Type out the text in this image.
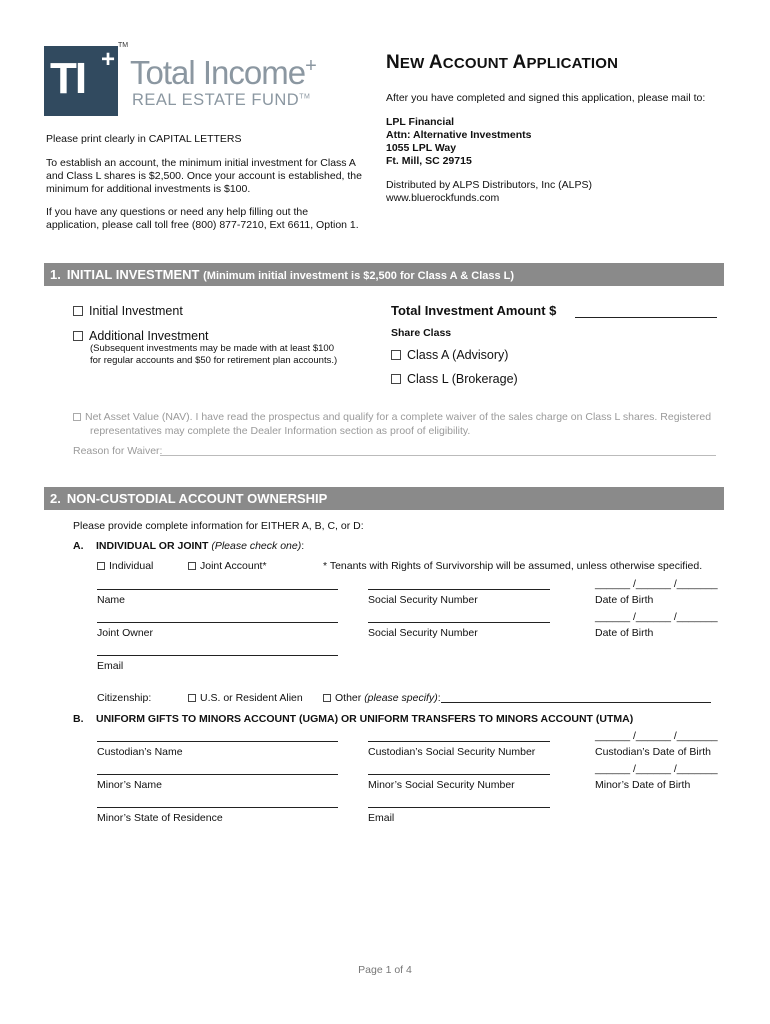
TI +
TM
Total Income+
REAL ESTATE FUND™
NEW ACCOUNT APPLICATION
After you have completed and signed this application, please mail to:
LPL Financial
Attn: Alternative Investments
1055 LPL Way
Ft. Mill, SC 29715
Distributed by ALPS Distributors, Inc (ALPS)
www.bluerockfunds.com
Please print clearly in CAPITAL LETTERS
To establish an account, the minimum initial investment for Class A
and Class L shares is $2,500. Once your account is established, the
minimum for additional investments is $100.
If you have any questions or need any help filling out the
application, please call toll free (800) 877-7210, Ext 6611, Option 1.
1. INITIAL INVESTMENT (Minimum initial investment is $2,500 for Class A & Class L)
Initial Investment
Additional Investment
(Subsequent investments may be made with at least $100
for regular accounts and $50 for retirement plan accounts.)
Total Investment Amount $
Share Class
Class A (Advisory)
Class L (Brokerage)
Net Asset Value (NAV). I have read the prospectus and qualify for a complete waiver of the sales charge on Class L shares. Registered
representatives may complete the Dealer Information section as proof of eligibility.
Reason for Waiver:
2. NON-CUSTODIAL ACCOUNT OWNERSHIP
Please provide complete information for EITHER A, B, C, or D:
A. INDIVIDUAL OR JOINT (Please check one):
Individual	Joint Account*	* Tenants with Rights of Survivorship will be assumed, unless otherwise specified.
______ /______ /_______
Name	Social Security Number	Date of Birth
______ /______ /_______
Joint Owner	Social Security Number	Date of Birth
Email
Citizenship:	U.S. or Resident Alien	Other (please specify):
B. UNIFORM GIFTS TO MINORS ACCOUNT (UGMA) OR UNIFORM TRANSFERS TO MINORS ACCOUNT (UTMA)
______ /______ /_______
Custodian’s Name	Custodian’s Social Security Number	Custodian’s Date of Birth
______ /______ /_______
Minor’s Name	Minor’s Social Security Number	Minor’s Date of Birth
Minor’s State of Residence	Email
Page 1 of 4
